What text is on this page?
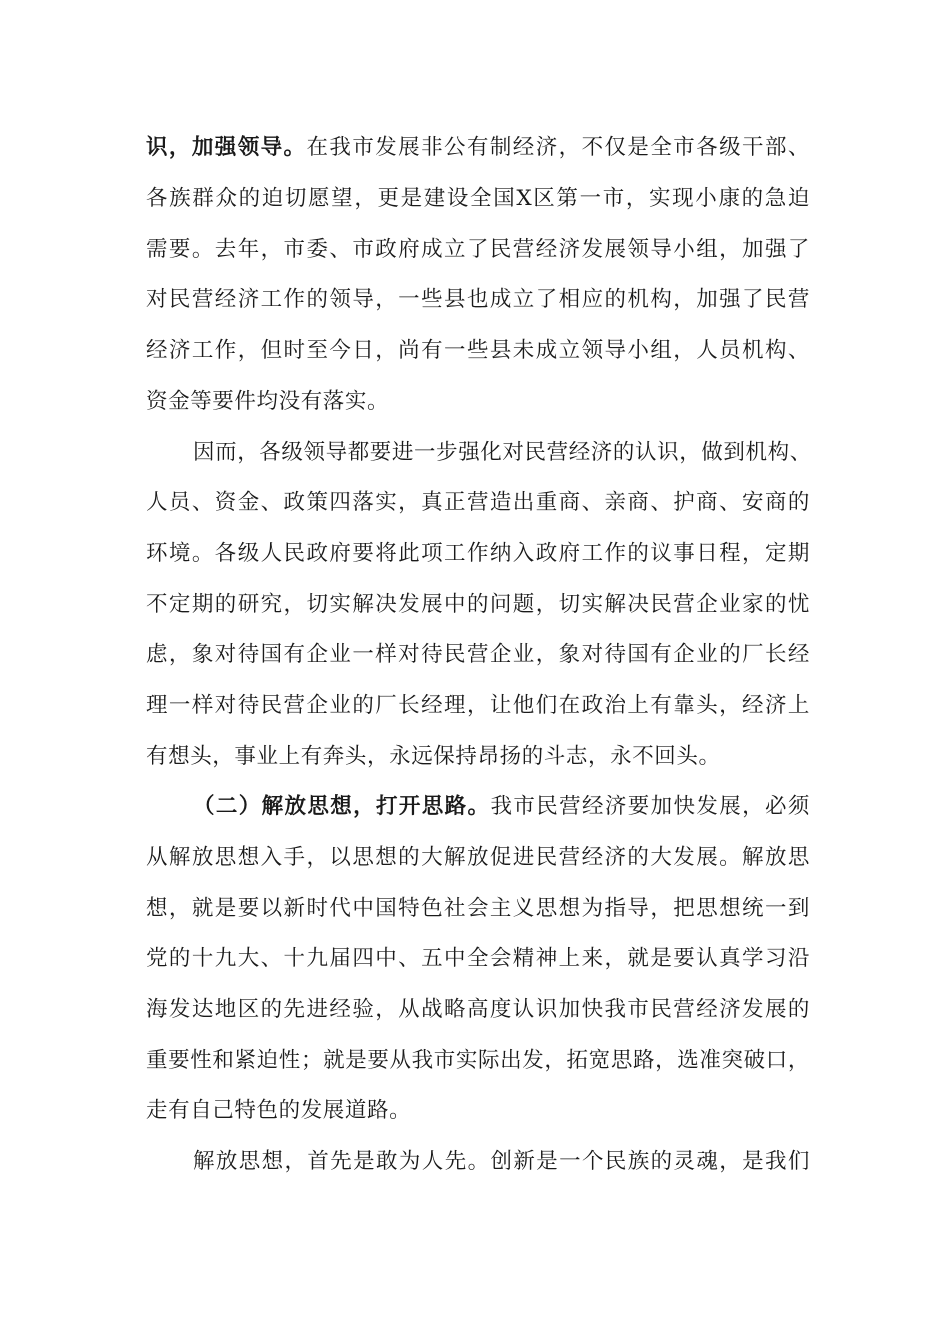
识，加强领导。在我市发展非公有制经济，不仅是全市各级干部、
各族群众的迫切愿望，更是建设全国X区第一市，实现小康的急迫
需要。去年，市委、市政府成立了民营经济发展领导小组，加强了
对民营经济工作的领导，一些县也成立了相应的机构，加强了民营
经济工作，但时至今日，尚有一些县未成立领导小组，人员机构、
资金等要件均没有落实。
因而，各级领导都要进一步强化对民营经济的认识，做到机构、
人员、资金、政策四落实，真正营造出重商、亲商、护商、安商的
环境。各级人民政府要将此项工作纳入政府工作的议事日程，定期
不定期的研究，切实解决发展中的问题，切实解决民营企业家的忧
虑，象对待国有企业一样对待民营企业，象对待国有企业的厂长经
理一样对待民营企业的厂长经理，让他们在政治上有靠头，经济上
有想头，事业上有奔头，永远保持昂扬的斗志，永不回头。
（二）解放思想，打开思路。我市民营经济要加快发展，必须
从解放思想入手，以思想的大解放促进民营经济的大发展。解放思
想，就是要以新时代中国特色社会主义思想为指导，把思想统一到
党的十九大、十九届四中、五中全会精神上来，就是要认真学习沿
海发达地区的先进经验，从战略高度认识加快我市民营经济发展的
重要性和紧迫性；就是要从我市实际出发，拓宽思路，选准突破口，
走有自己特色的发展道路。
解放思想，首先是敢为人先。创新是一个民族的灵魂，是我们
